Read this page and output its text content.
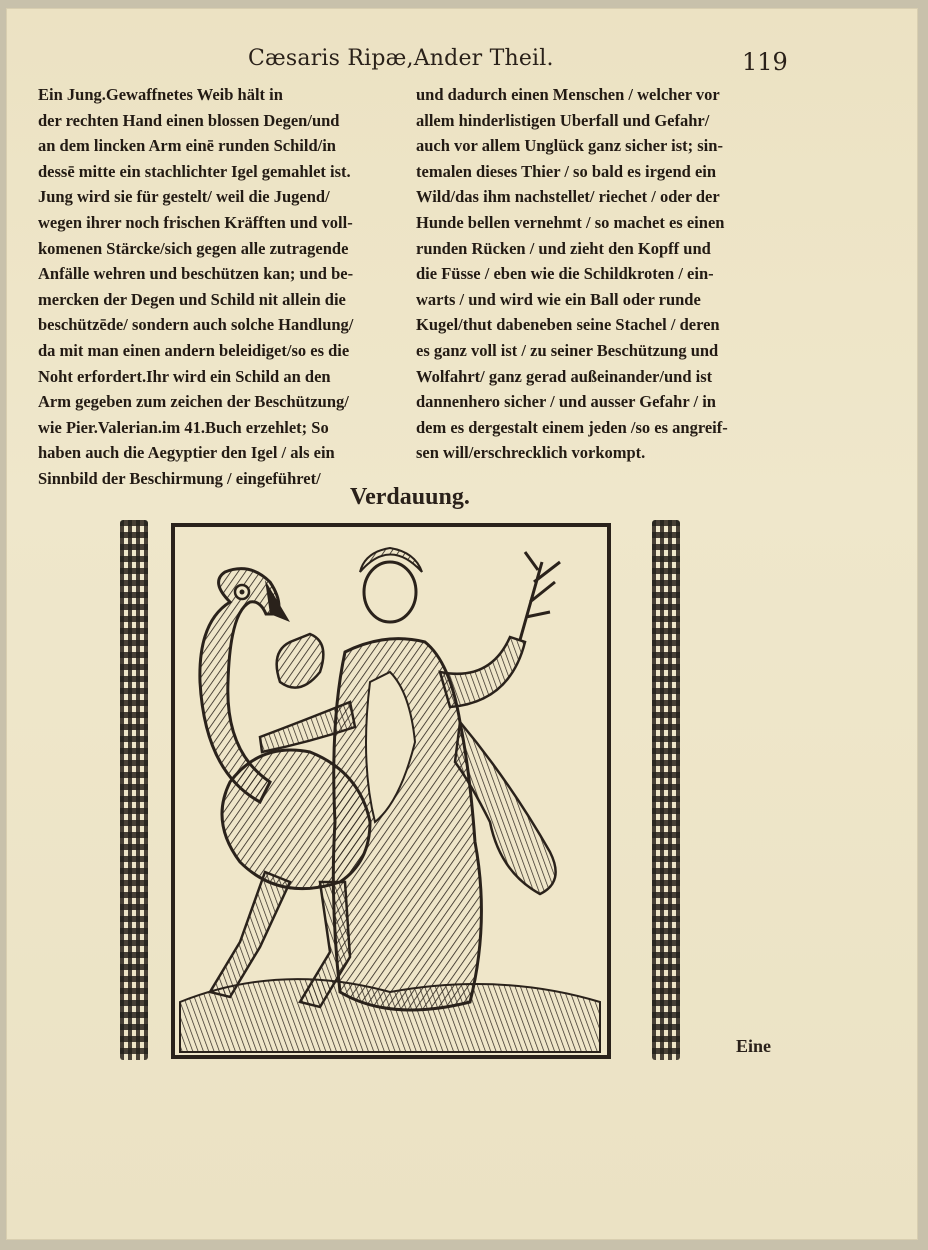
Cæsaris Ripæ,Ander Theil.	119
Ein Jung.Gewaffnetes Weib hält in
der rechten Hand einen blossen Degen/und
an dem lincken Arm einē runden Schild/in
dessē mitte ein stachlichter Igel gemahlet ist.
Jung wird sie für gestelt/ weil die Jugend/
wegen ihrer noch frischen Kräfften und voll-
komenen Stärcke/sich gegen alle zutragende
Anfälle wehren und beschützen kan; und be-
mercken der Degen und Schild nit allein die
beschützēde/ sondern auch solche Handlung/
da mit man einen andern beleidiget/so es die
Noht erfordert.Ihr wird ein Schild an den
Arm gegeben zum zeichen der Beschützung/
wie Pier.Valerian.im 41.Buch erzehlet; So
haben auch die Aegyptier den Igel / als ein
Sinnbild der Beschirmung / eingeführet/
und dadurch einen Menschen / welcher vor
allem hinderlistigen Uberfall und Gefahr/
auch vor allem Unglück ganz sicher ist; sin-
temalen dieses Thier / so bald es irgend ein
Wild/das ihm nachstellet/ riechet / oder der
Hunde bellen vernehmt / so machet es einen
runden Rücken / und zieht den Kopff und
die Füsse / eben wie die Schildkroten / ein-
warts / und wird wie ein Ball oder runde
Kugel/thut dabeneben seine Stachel / deren
es ganz voll ist / zu seiner Beschützung und
Wolfahrt/ ganz gerad außeinander/und ist
dannenhero sicher / und ausser Gefahr / in
dem es dergestalt einem jeden /so es angreif-
sen will/erschrecklich vorkompt.
Verdauung.
Eine
